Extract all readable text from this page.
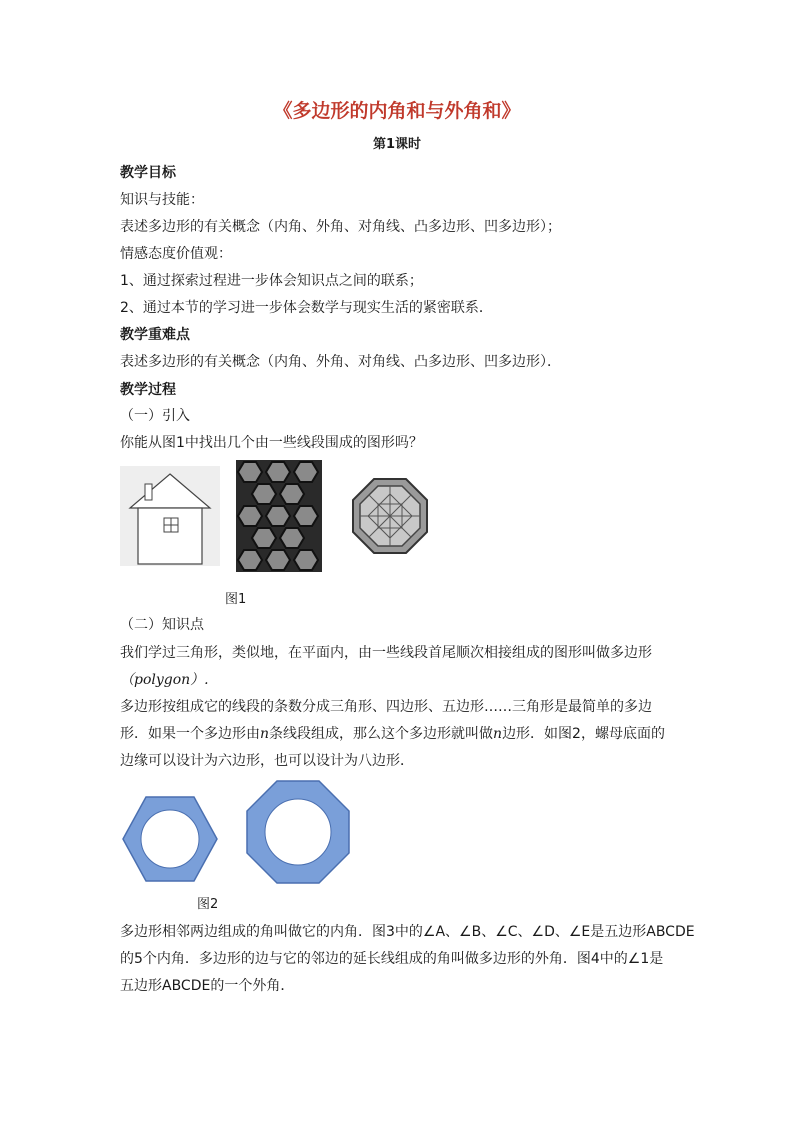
《多边形的内角和与外角和》
第1课时
教学目标
知识与技能：
表述多边形的有关概念（内角、外角、对角线、凸多边形、凹多边形）；
情感态度价值观：
1、通过探索过程进一步体会知识点之间的联系；
2、通过本节的学习进一步体会数学与现实生活的紧密联系．
教学重难点
表述多边形的有关概念（内角、外角、对角线、凸多边形、凹多边形）．
教学过程
（一）引入
你能从图1中找出几个由一些线段围成的图形吗？
图1
（二）知识点
我们学过三角形，类似地，在平面内，由一些线段首尾顺次相接组成的图形叫做多边形
（polygon）.
多边形按组成它的线段的条数分成三角形、四边形、五边形……三角形是最简单的多边
形．如果一个多边形由n条线段组成，那么这个多边形就叫做n边形．如图2，螺母底面的
边缘可以设计为六边形，也可以设计为八边形．
图2
多边形相邻两边组成的角叫做它的内角．图3中的∠A、∠B、∠C、∠D、∠E是五边形ABCDE
的5个内角．多边形的边与它的邻边的延长线组成的角叫做多边形的外角．图4中的∠1是
五边形ABCDE的一个外角．
